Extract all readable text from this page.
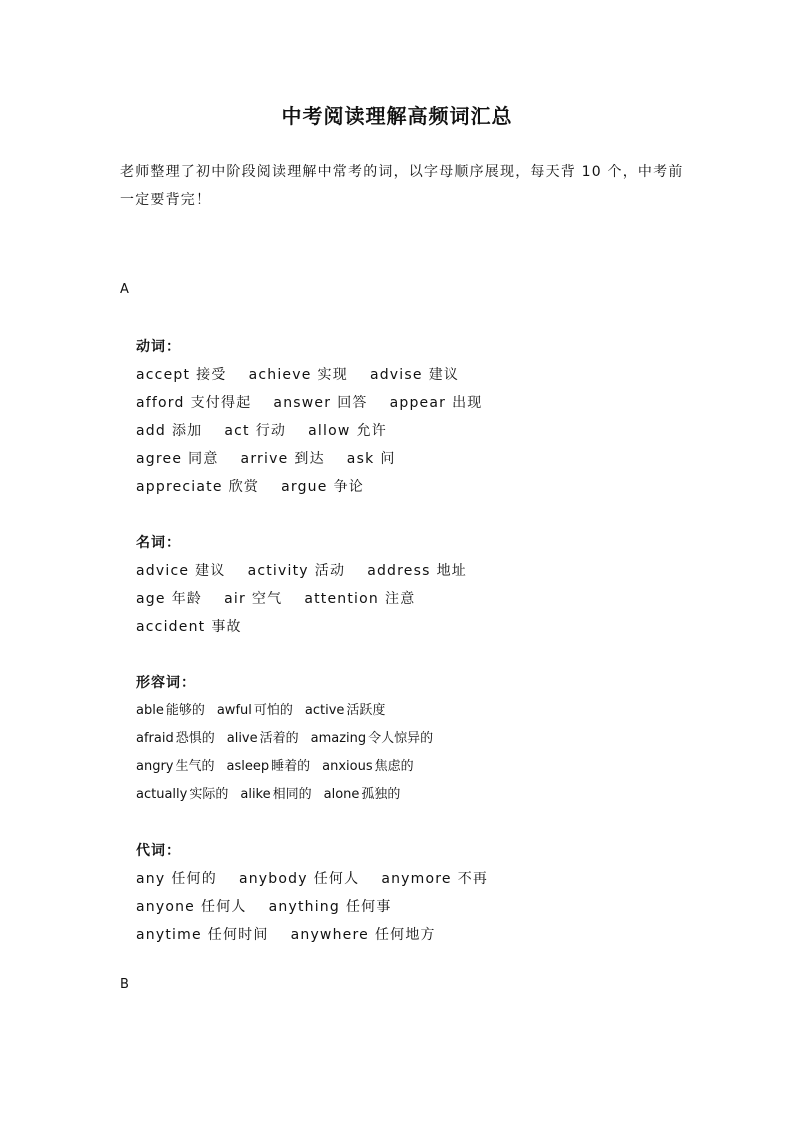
中考阅读理解高频词汇总
老师整理了初中阶段阅读理解中常考的词，以字母顺序展现，每天背 10 个，中考前一定要背完！
A
动词：
accept 接受 achieve 实现 advise 建议
afford 支付得起 answer 回答 appear 出现
add 添加 act 行动 allow 允许
agree 同意 arrive 到达 ask 问
appreciate 欣赏 argue 争论
名词：
advice 建议 activity 活动 address 地址
age 年龄 air 空气 attention 注意
accident 事故
形容词：
able 能够的 awful 可怕的 active 活跃度
afraid 恐惧的 alive 活着的 amazing 令人惊异的
angry 生气的 asleep 睡着的 anxious 焦虑的
actually 实际的 alike 相同的 alone 孤独的
代词：
any 任何的 anybody 任何人 anymore 不再
anyone 任何人 anything 任何事
anytime 任何时间 anywhere 任何地方
B
